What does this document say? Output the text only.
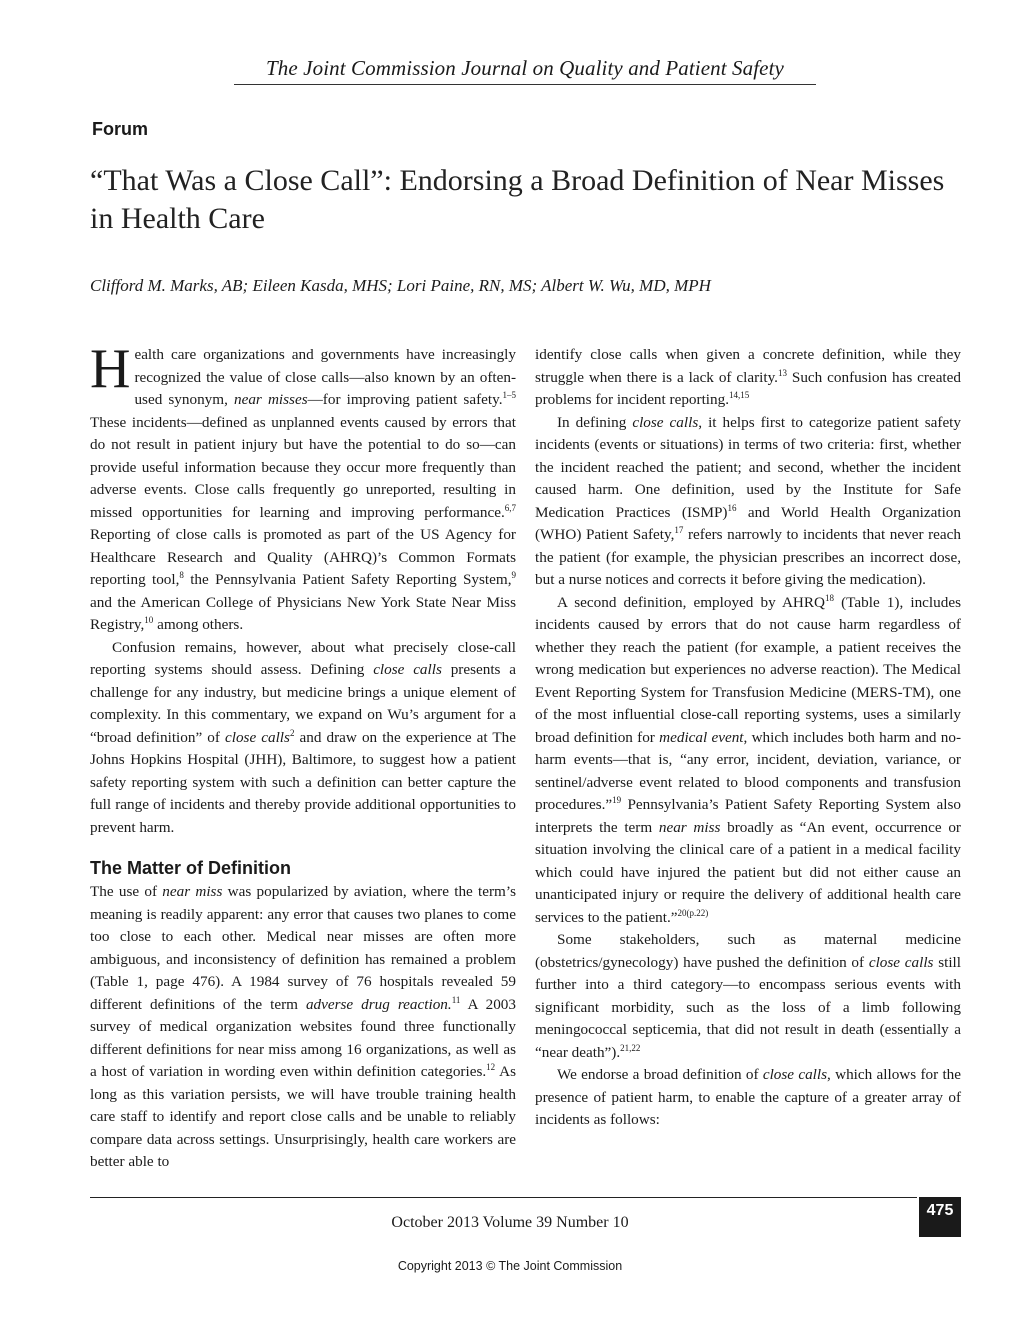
The Joint Commission Journal on Quality and Patient Safety
Forum
“That Was a Close Call”: Endorsing a Broad Definition of Near Misses in Health Care
Clifford M. Marks, AB; Eileen Kasda, MHS; Lori Paine, RN, MS; Albert W. Wu, MD, MPH

Health care organizations and governments have increasingly recognized the value of close calls—also known by an often-used synonym, near misses—for improving patient safety.$^{1-5}$ These incidents—defined as unplanned events caused by errors that do not result in patient injury but have the potential to do so—can provide useful information because they occur more frequently than adverse events. Close calls frequently go unreported, resulting in missed opportunities for learning and improving performance.$^{6,7}$ Reporting of close calls is promoted as part of the US Agency for Healthcare Research and Quality (AHRQ)’s Common Formats reporting tool,$^8$ the Pennsylvania Patient Safety Reporting System,$^9$ and the American College of Physicians New York State Near Miss Registry,$^{10}$ among others.

Confusion remains, however, about what precisely close-call reporting systems should assess. Defining close calls presents a challenge for any industry, but medicine brings a unique element of complexity. In this commentary, we expand on Wu’s argument for a “broad definition” of close calls$^2$ and draw on the experience at The Johns Hopkins Hospital (JHH), Baltimore, to suggest how a patient safety reporting system with such a definition can better capture the full range of incidents and thereby provide additional opportunities to prevent harm.

The Matter of Definition

The use of near miss was popularized by aviation, where the term’s meaning is readily apparent: any error that causes two planes to come too close to each other. Medical near misses are often more ambiguous, and inconsistency of definition has remained a problem (Table 1, page 476). A 1984 survey of 76 hospitals revealed 59 different definitions of the term adverse drug reaction.$^{11}$ A 2003 survey of medical organization websites found three functionally different definitions for near miss among 16 organizations, as well as a host of variation in wording even within definition categories.$^{12}$ As long as this variation persists, we will have trouble training health care staff to identify and report close calls and be unable to reliably compare data across settings. Unsurprisingly, health care workers are better able to

identify close calls when given a concrete definition, while they struggle when there is a lack of clarity.$^{13}$ Such confusion has created problems for incident reporting.$^{14,15}$

In defining close calls, it helps first to categorize patient safety incidents (events or situations) in terms of two criteria: first, whether the incident reached the patient; and second, whether the incident caused harm. One definition, used by the Institute for Safe Medication Practices (ISMP)$^{16}$ and World Health Organization (WHO) Patient Safety,$^{17}$ refers narrowly to incidents that never reach the patient (for example, the physician prescribes an incorrect dose, but a nurse notices and corrects it before giving the medication).

A second definition, employed by AHRQ$^{18}$ (Table 1), includes incidents caused by errors that do not cause harm regardless of whether they reach the patient (for example, a patient receives the wrong medication but experiences no adverse reaction). The Medical Event Reporting System for Transfusion Medicine (MERS-TM), one of the most influential close-call reporting systems, uses a similarly broad definition for medical event, which includes both harm and no-harm events—that is, “any error, incident, deviation, variance, or sentinel/adverse event related to blood components and transfusion procedures.”$^{19}$ Pennsylvania’s Patient Safety Reporting System also interprets the term near miss broadly as “An event, occurrence or situation involving the clinical care of a patient in a medical facility which could have injured the patient but did not either cause an unanticipated injury or require the delivery of additional health care services to the patient.”$^{20(p.22)}$

Some stakeholders, such as maternal medicine (obstetrics/gynecology) have pushed the definition of close calls still further into a third category—to encompass serious events with significant morbidity, such as the loss of a limb following meningococcal septicemia, that did not result in death (essentially a “near death”).$^{21,22}$

We endorse a broad definition of close calls, which allows for the presence of patient harm, to enable the capture of a greater array of incidents as follows:

October 2013 Volume 39 Number 10
475
Copyright 2013 © The Joint Commission
